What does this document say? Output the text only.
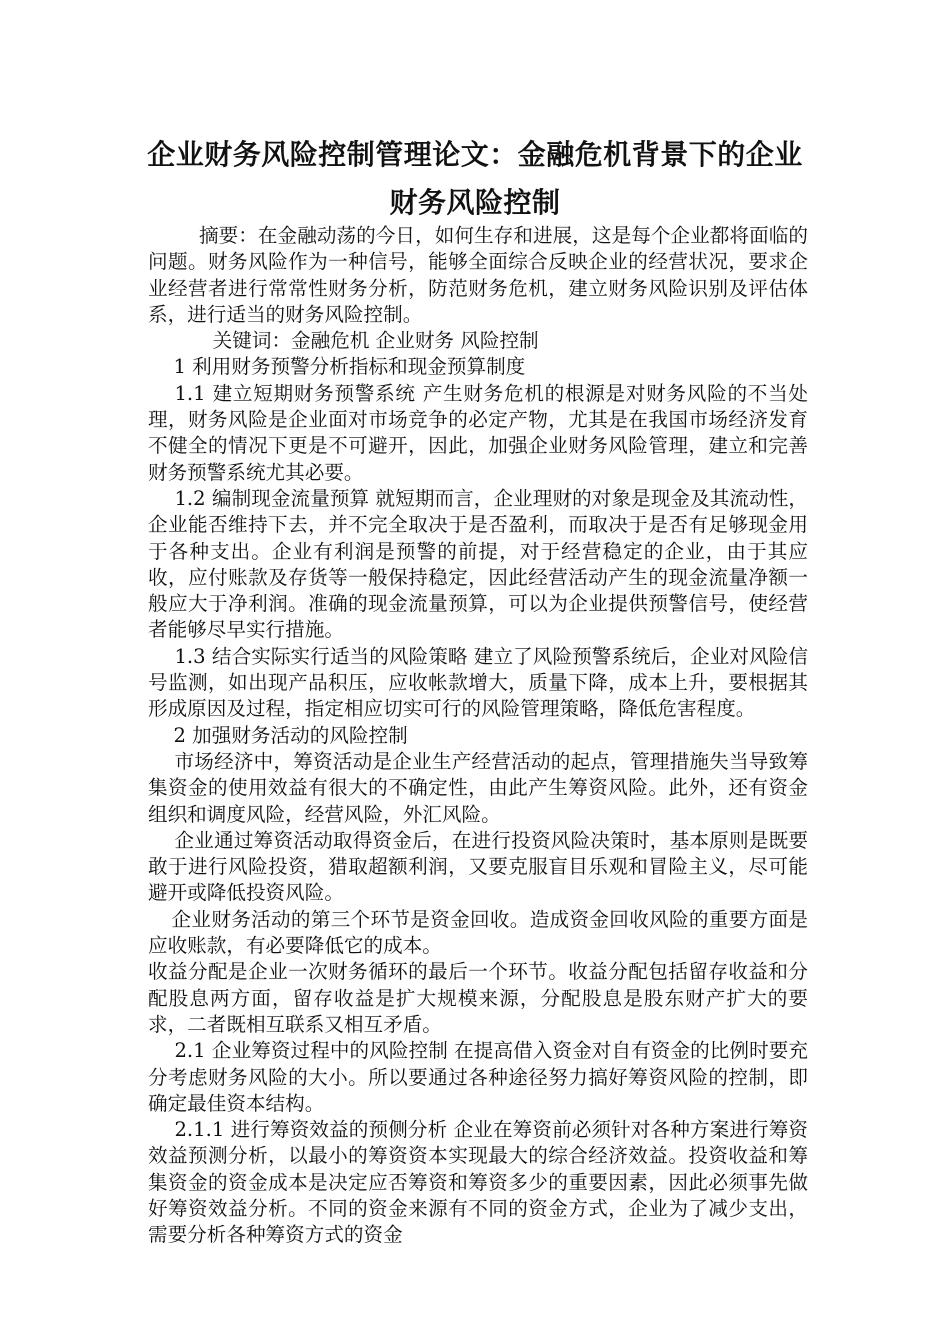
企业财务风险控制管理论文：金融危机背景下的企业
财务风险控制

摘要：在金融动荡的今日，如何生存和进展，这是每个企业都将面临的问题。财务风险作为一种信号，能够全面综合反映企业的经营状况，要求企业经营者进行常常性财务分析，防范财务危机，建立财务风险识别及评估体系，进行适当的财务风险控制。

关键词：金融危机 企业财务 风险控制

1 利用财务预警分析指标和现金预算制度

1.1 建立短期财务预警系统 产生财务危机的根源是对财务风险的不当处理，财务风险是企业面对市场竞争的必定产物，尤其是在我国市场经济发育不健全的情况下更是不可避开，因此，加强企业财务风险管理，建立和完善财务预警系统尤其必要。

1.2 编制现金流量预算 就短期而言，企业理财的对象是现金及其流动性，企业能否维持下去，并不完全取决于是否盈利，而取决于是否有足够现金用于各种支出。企业有利润是预警的前提，对于经营稳定的企业，由于其应收，应付账款及存货等一般保持稳定，因此经营活动产生的现金流量净额一般应大于净利润。准确的现金流量预算，可以为企业提供预警信号，使经营者能够尽早实行措施。

1.3 结合实际实行适当的风险策略 建立了风险预警系统后，企业对风险信号监测，如出现产品积压，应收帐款增大，质量下降，成本上升，要根据其形成原因及过程，指定相应切实可行的风险管理策略，降低危害程度。

2 加强财务活动的风险控制

市场经济中，筹资活动是企业生产经营活动的起点，管理措施失当导致筹集资金的使用效益有很大的不确定性，由此产生筹资风险。此外，还有资金组织和调度风险，经营风险，外汇风险。

企业通过筹资活动取得资金后，在进行投资风险决策时，基本原则是既要敢于进行风险投资，猎取超额利润，又要克服盲目乐观和冒险主义，尽可能避开或降低投资风险。

企业财务活动的第三个环节是资金回收。造成资金回收风险的重要方面是应收账款，有必要降低它的成本。

收益分配是企业一次财务循环的最后一个环节。收益分配包括留存收益和分配股息两方面，留存收益是扩大规模来源，分配股息是股东财产扩大的要求，二者既相互联系又相互矛盾。

2.1 企业筹资过程中的风险控制 在提高借入资金对自有资金的比例时要充分考虑财务风险的大小。所以要通过各种途径努力搞好筹资风险的控制，即确定最佳资本结构。

2.1.1 进行筹资效益的预侧分析 企业在筹资前必须针对各种方案进行筹资效益预测分析，以最小的筹资资本实现最大的综合经济效益。投资收益和筹集资金的资金成本是决定应否筹资和筹资多少的重要因素，因此必须事先做好筹资效益分析。不同的资金来源有不同的资金方式，企业为了减少支出，需要分析各种筹资方式的资金
